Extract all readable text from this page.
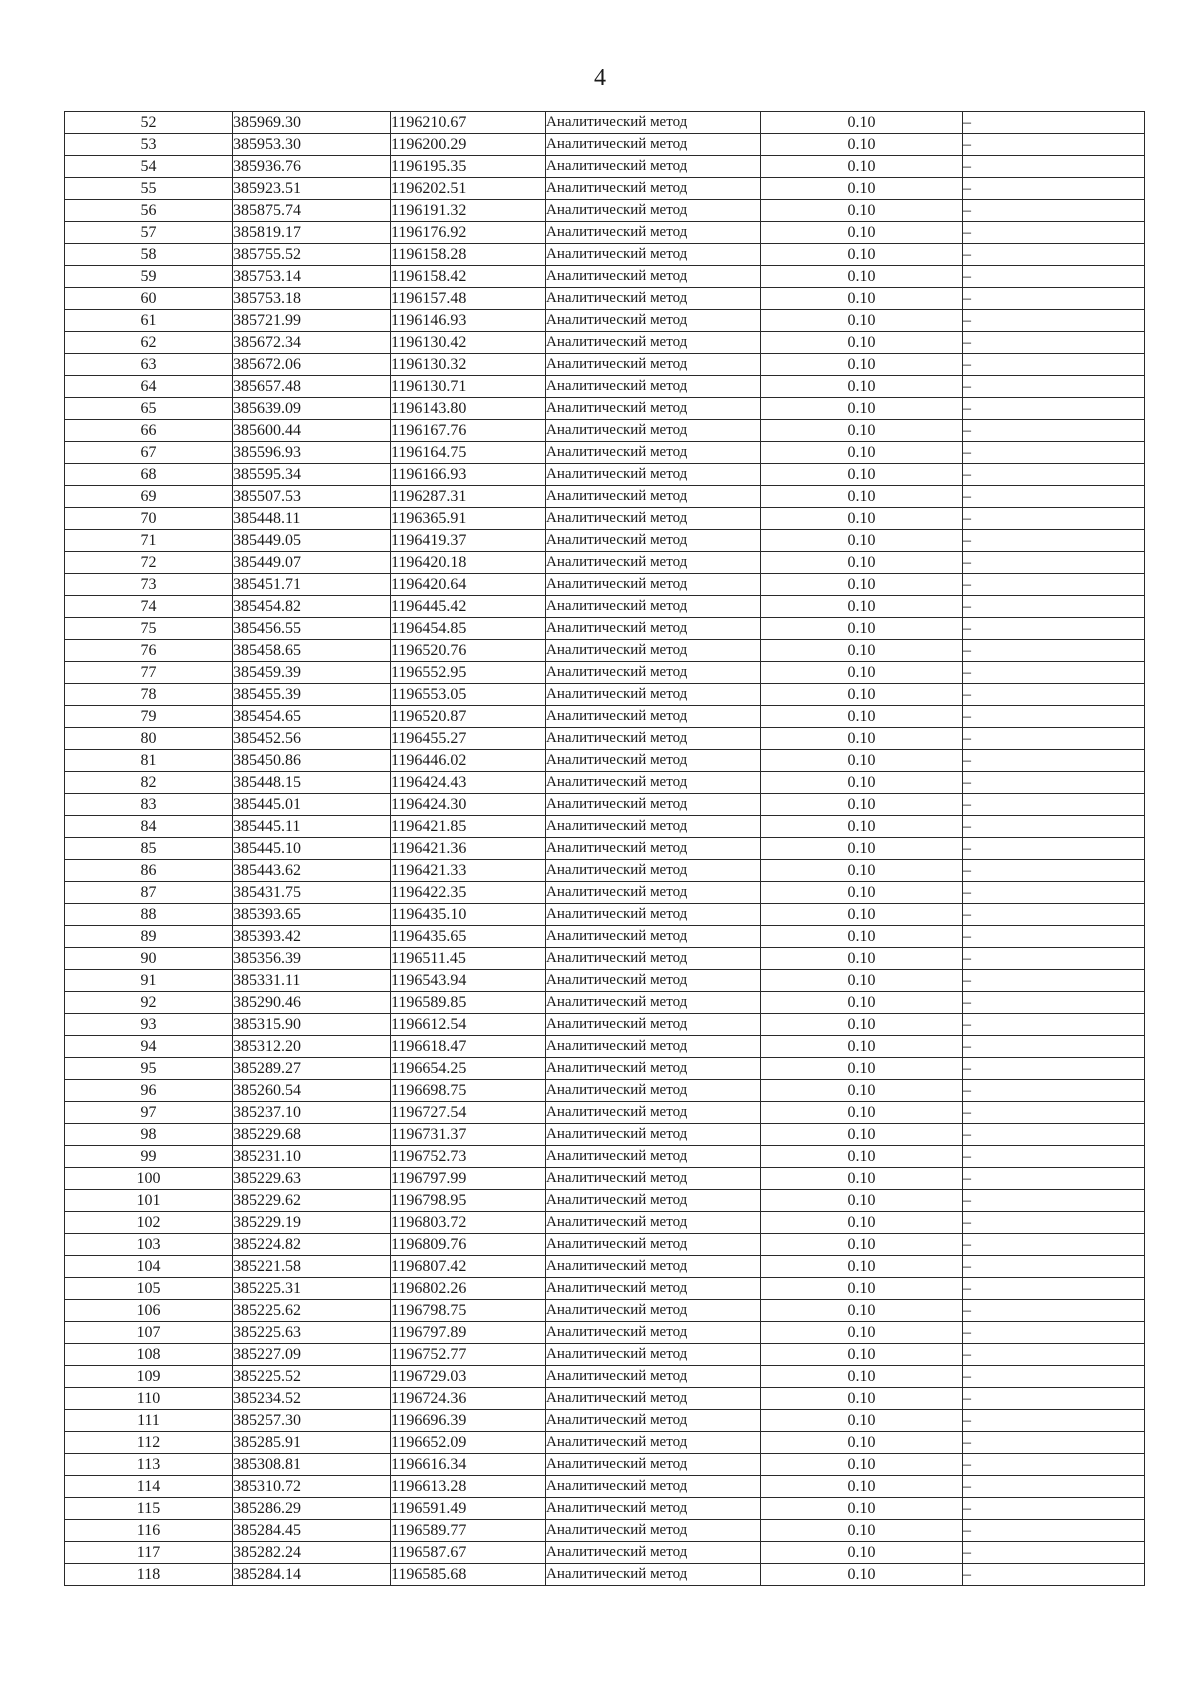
4
52	385969.30	1196210.67	Аналитический метод	0.10	–
53	385953.30	1196200.29	Аналитический метод	0.10	–
54	385936.76	1196195.35	Аналитический метод	0.10	–
55	385923.51	1196202.51	Аналитический метод	0.10	–
56	385875.74	1196191.32	Аналитический метод	0.10	–
57	385819.17	1196176.92	Аналитический метод	0.10	–
58	385755.52	1196158.28	Аналитический метод	0.10	–
59	385753.14	1196158.42	Аналитический метод	0.10	–
60	385753.18	1196157.48	Аналитический метод	0.10	–
61	385721.99	1196146.93	Аналитический метод	0.10	–
62	385672.34	1196130.42	Аналитический метод	0.10	–
63	385672.06	1196130.32	Аналитический метод	0.10	–
64	385657.48	1196130.71	Аналитический метод	0.10	–
65	385639.09	1196143.80	Аналитический метод	0.10	–
66	385600.44	1196167.76	Аналитический метод	0.10	–
67	385596.93	1196164.75	Аналитический метод	0.10	–
68	385595.34	1196166.93	Аналитический метод	0.10	–
69	385507.53	1196287.31	Аналитический метод	0.10	–
70	385448.11	1196365.91	Аналитический метод	0.10	–
71	385449.05	1196419.37	Аналитический метод	0.10	–
72	385449.07	1196420.18	Аналитический метод	0.10	–
73	385451.71	1196420.64	Аналитический метод	0.10	–
74	385454.82	1196445.42	Аналитический метод	0.10	–
75	385456.55	1196454.85	Аналитический метод	0.10	–
76	385458.65	1196520.76	Аналитический метод	0.10	–
77	385459.39	1196552.95	Аналитический метод	0.10	–
78	385455.39	1196553.05	Аналитический метод	0.10	–
79	385454.65	1196520.87	Аналитический метод	0.10	–
80	385452.56	1196455.27	Аналитический метод	0.10	–
81	385450.86	1196446.02	Аналитический метод	0.10	–
82	385448.15	1196424.43	Аналитический метод	0.10	–
83	385445.01	1196424.30	Аналитический метод	0.10	–
84	385445.11	1196421.85	Аналитический метод	0.10	–
85	385445.10	1196421.36	Аналитический метод	0.10	–
86	385443.62	1196421.33	Аналитический метод	0.10	–
87	385431.75	1196422.35	Аналитический метод	0.10	–
88	385393.65	1196435.10	Аналитический метод	0.10	–
89	385393.42	1196435.65	Аналитический метод	0.10	–
90	385356.39	1196511.45	Аналитический метод	0.10	–
91	385331.11	1196543.94	Аналитический метод	0.10	–
92	385290.46	1196589.85	Аналитический метод	0.10	–
93	385315.90	1196612.54	Аналитический метод	0.10	–
94	385312.20	1196618.47	Аналитический метод	0.10	–
95	385289.27	1196654.25	Аналитический метод	0.10	–
96	385260.54	1196698.75	Аналитический метод	0.10	–
97	385237.10	1196727.54	Аналитический метод	0.10	–
98	385229.68	1196731.37	Аналитический метод	0.10	–
99	385231.10	1196752.73	Аналитический метод	0.10	–
100	385229.63	1196797.99	Аналитический метод	0.10	–
101	385229.62	1196798.95	Аналитический метод	0.10	–
102	385229.19	1196803.72	Аналитический метод	0.10	–
103	385224.82	1196809.76	Аналитический метод	0.10	–
104	385221.58	1196807.42	Аналитический метод	0.10	–
105	385225.31	1196802.26	Аналитический метод	0.10	–
106	385225.62	1196798.75	Аналитический метод	0.10	–
107	385225.63	1196797.89	Аналитический метод	0.10	–
108	385227.09	1196752.77	Аналитический метод	0.10	–
109	385225.52	1196729.03	Аналитический метод	0.10	–
110	385234.52	1196724.36	Аналитический метод	0.10	–
111	385257.30	1196696.39	Аналитический метод	0.10	–
112	385285.91	1196652.09	Аналитический метод	0.10	–
113	385308.81	1196616.34	Аналитический метод	0.10	–
114	385310.72	1196613.28	Аналитический метод	0.10	–
115	385286.29	1196591.49	Аналитический метод	0.10	–
116	385284.45	1196589.77	Аналитический метод	0.10	–
117	385282.24	1196587.67	Аналитический метод	0.10	–
118	385284.14	1196585.68	Аналитический метод	0.10	–
